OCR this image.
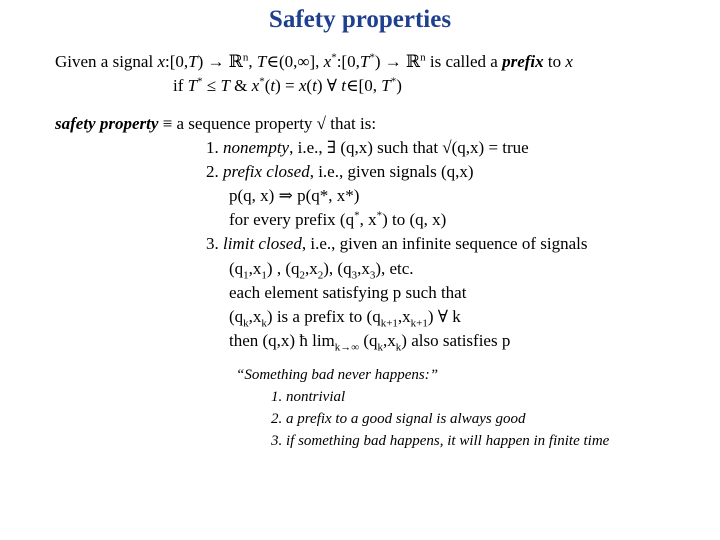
Safety properties
Given a signal x:[0,T) → ℝ$^n$, T∈(0,∞], x*:[0,T*) → ℝ$^n$ is called a prefix to x
if T* ≤ T & x*(t) = x(t) ∀ t∈[0, T*)
safety property ≡ a sequence property √ that is:
1. nonempty, i.e., ∃ (q,x) such that √(q,x) = true
2. prefix closed, i.e., given signals (q,x)
p(q, x) ⇒ p(q*, x*)
for every prefix (q*, x*) to (q, x)
3. limit closed, i.e., given an infinite sequence of signals
$(q_1,x_1)$ , $(q_2,x_2)$, $(q_3,x_3)$, etc.
each element satisfying p such that
$(q_k,x_k)$ is a prefix to $(q_{k+1},x_{k+1})$ ∀ k
then (q,x) ħ $\lim_{k\to\infty} (q_k,x_k)$ also satisfies p
“Something bad never happens:”
1. nontrivial
2. a prefix to a good signal is always good
3. if something bad happens, it will happen in finite time
